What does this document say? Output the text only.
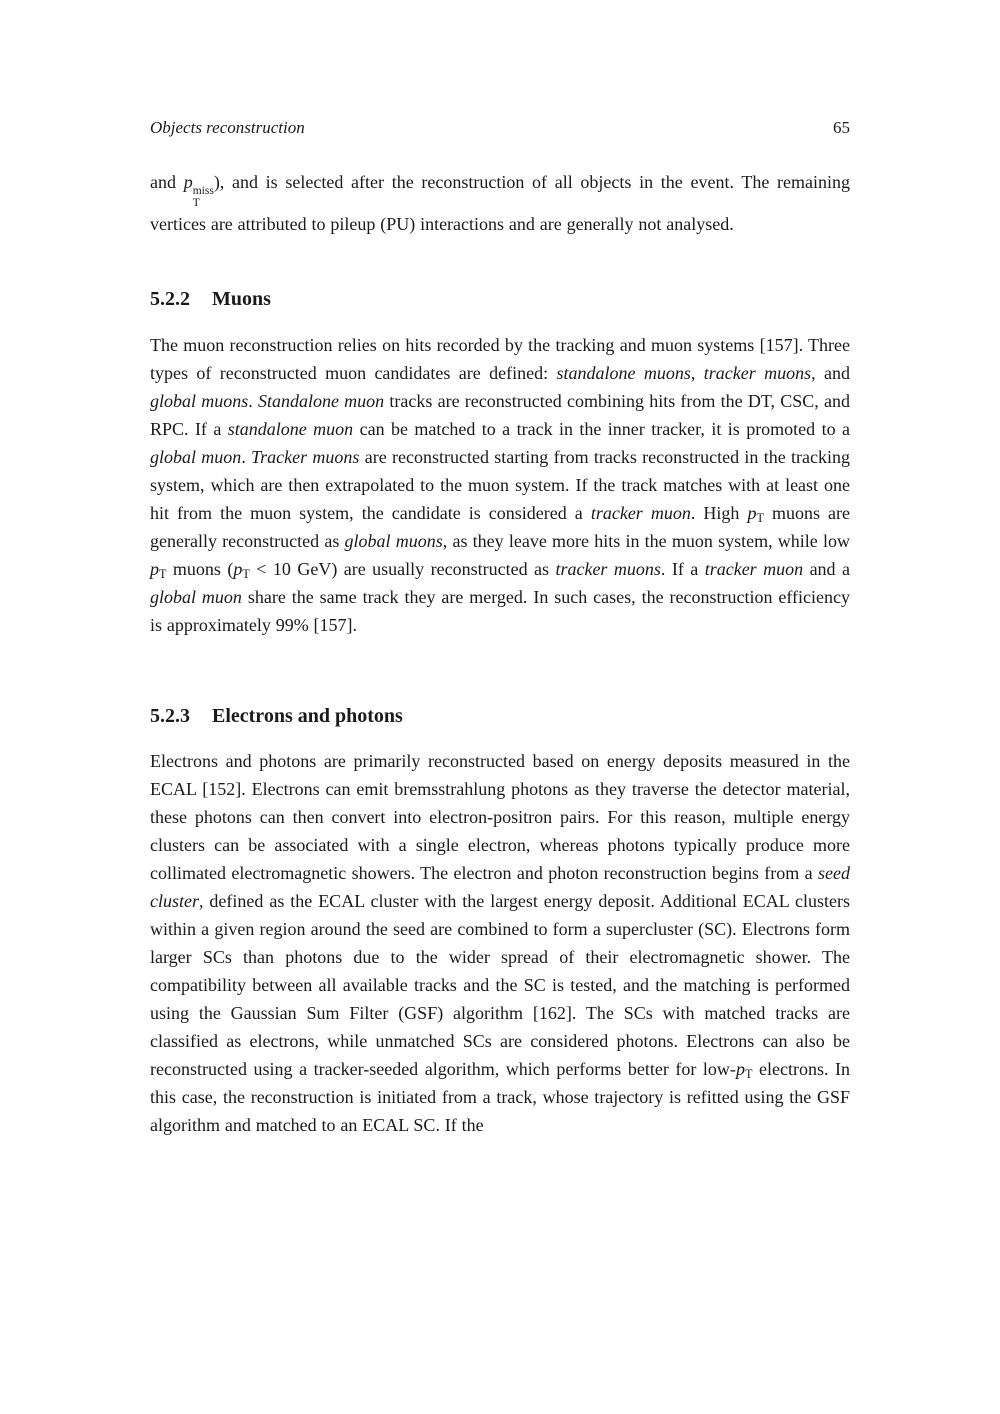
Objects reconstruction	65
and p miss
T
), and is selected after the reconstruction of all objects in the event. The remaining vertices are attributed to pileup (PU) interactions and are generally not analysed.
5.2.2 Muons
The muon reconstruction relies on hits recorded by the tracking and muon systems [157]. Three types of reconstructed muon candidates are defined: standalone muons, tracker muons, and global muons. Standalone muon tracks are reconstructed combining hits from the DT, CSC, and RPC. If a standalone muon can be matched to a track in the inner tracker, it is promoted to a global muon. Tracker muons are reconstructed starting from tracks reconstructed in the tracking system, which are then extrapolated to the muon system. If the track matches with at least one hit from the muon system, the candidate is considered a tracker muon. High $p_T$ muons are generally reconstructed as global muons, as they leave more hits in the muon system, while low $p_T$ muons ($p_T < 10$ GeV) are usually reconstructed as tracker muons. If a tracker muon and a global muon share the same track they are merged. In such cases, the reconstruction efficiency is approximately 99% [157].
5.2.3 Electrons and photons
Electrons and photons are primarily reconstructed based on energy deposits measured in the ECAL [152]. Electrons can emit bremsstrahlung photons as they traverse the detector material, these photons can then convert into electron-positron pairs. For this reason, multiple energy clusters can be associated with a single electron, whereas photons typically produce more collimated electromagnetic showers. The electron and photon reconstruction begins from a seed cluster, defined as the ECAL cluster with the largest energy deposit. Additional ECAL clusters within a given region around the seed are combined to form a supercluster (SC). Electrons form larger SCs than photons due to the wider spread of their electromagnetic shower. The compatibility between all available tracks and the SC is tested, and the matching is performed using the Gaussian Sum Filter (GSF) algorithm [162]. The SCs with matched tracks are classified as electrons, while unmatched SCs are considered photons. Electrons can also be reconstructed using a tracker-seeded algorithm, which performs better for low-$p_T$ electrons. In this case, the reconstruction is initiated from a track, whose trajectory is refitted using the GSF algorithm and matched to an ECAL SC. If the
